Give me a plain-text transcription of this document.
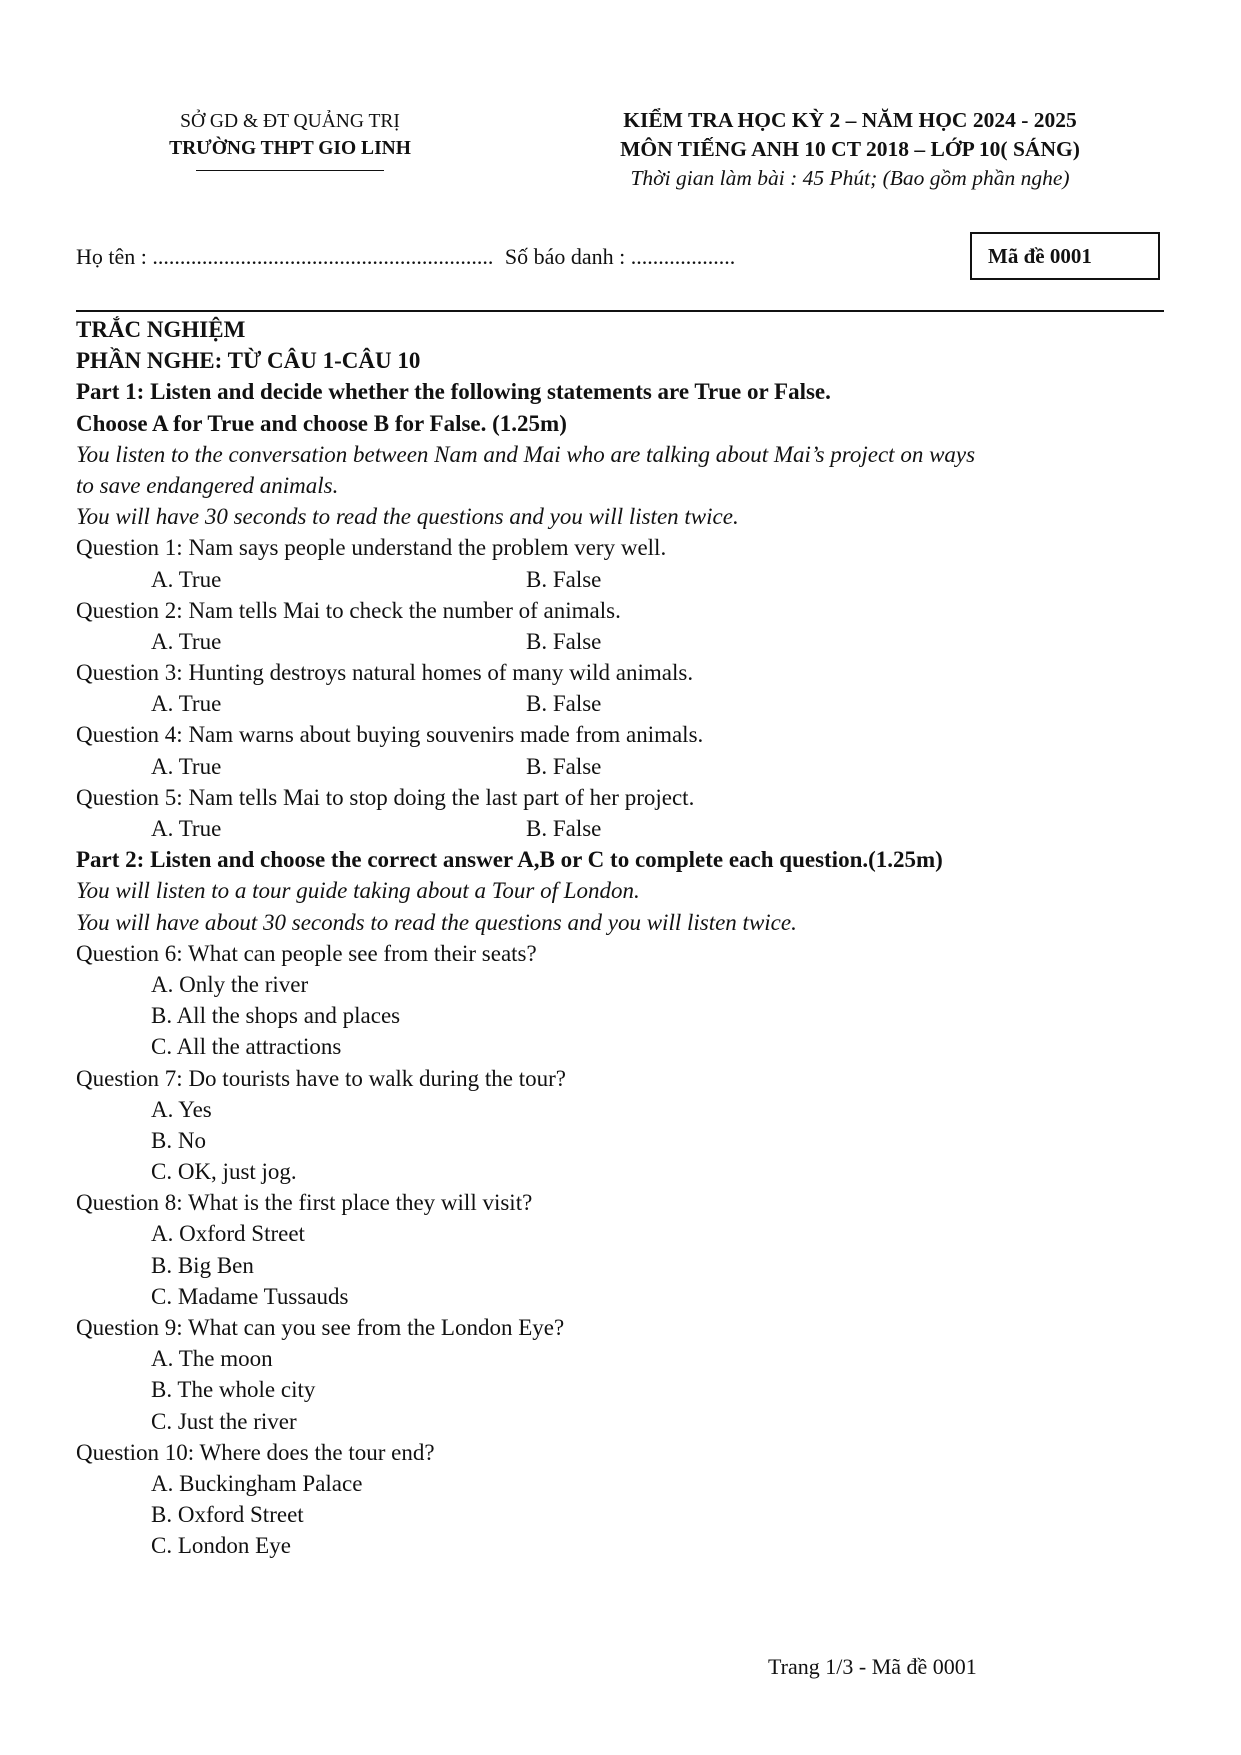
SỞ GD & ĐT QUẢNG TRỊ
TRƯỜNG THPT GIO LINH
KIỂM TRA HỌC KỲ 2 – NĂM HỌC 2024 - 2025
MÔN TIẾNG ANH 10 CT 2018 – LỚP 10( SÁNG)
Thời gian làm bài : 45 Phút; (Bao gồm phần nghe)
Họ tên : .............................................................. Số báo danh : ...................	Mã đề 0001
TRẮC NGHIỆM
PHẦN NGHE: TỪ CÂU 1-CÂU 10
Part 1: Listen and decide whether the following statements are True or False.
Choose A for True and choose B for False. (1.25m)
You listen to the conversation between Nam and Mai who are talking about Mai’s project on ways
to save endangered animals.
You will have 30 seconds to read the questions and you will listen twice.
Question 1: Nam says people understand the problem very well.
A. True	B. False
Question 2: Nam tells Mai to check the number of animals.
A. True	B. False
Question 3: Hunting destroys natural homes of many wild animals.
A. True	B. False
Question 4: Nam warns about buying souvenirs made from animals.
A. True	B. False
Question 5: Nam tells Mai to stop doing the last part of her project.
A. True	B. False
Part 2: Listen and choose the correct answer A,B or C to complete each question.(1.25m)
You will listen to a tour guide taking about a Tour of London.
You will have about 30 seconds to read the questions and you will listen twice.
Question 6: What can people see from their seats?
A. Only the river
B. All the shops and places
C. All the attractions
Question 7: Do tourists have to walk during the tour?
A. Yes
B. No
C. OK, just jog.
Question 8: What is the first place they will visit?
A. Oxford Street
B. Big Ben
C. Madame Tussauds
Question 9: What can you see from the London Eye?
A. The moon
B. The whole city
C. Just the river
Question 10: Where does the tour end?
A. Buckingham Palace
B. Oxford Street
C. London Eye
Trang 1/3 - Mã đề 0001
